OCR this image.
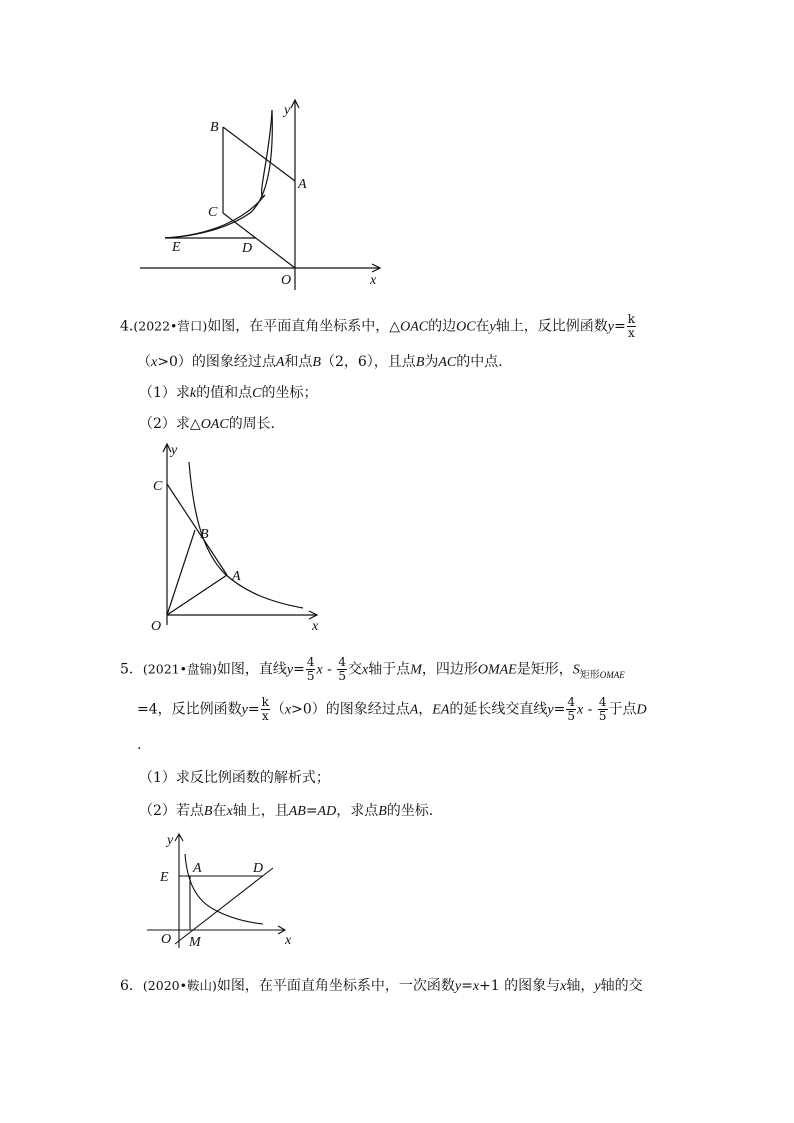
B
C
A
E	D
O	x
y
4.(2022•营口)如图，在平面直角坐标系中，△OAC的边OC在y轴上，反比例函数$y= \frac{k}{x}$
（x>0）的图象经过点A和点B（2，6），且点B为AC的中点．
（1）求k的值和点C的坐标；
（2）求△OAC的周长．
C
B
A
O	x
y
5．(2021•盘锦)如图，直线$y= \frac{4}{5}$ x - $\frac{4}{5}$ 交x轴于点M，四边形OMAE是矩形，$S_{矩形OMAE}$
=4，反比例函数$y= \frac{k}{x} (x>0)$的图象经过点A，EA的延长线交直线$y= \frac{4}{5}$ x - $\frac{4}{5}$ 于点D
.
（1）求反比例函数的解析式；
（2）若点B在x轴上，且AB=AD，求点B的坐标．
y
E
A	D
O M	x
6．(2020•鞍山)如图，在平面直角坐标系中，一次函数y=x+1 的图象与x轴，y轴的交
